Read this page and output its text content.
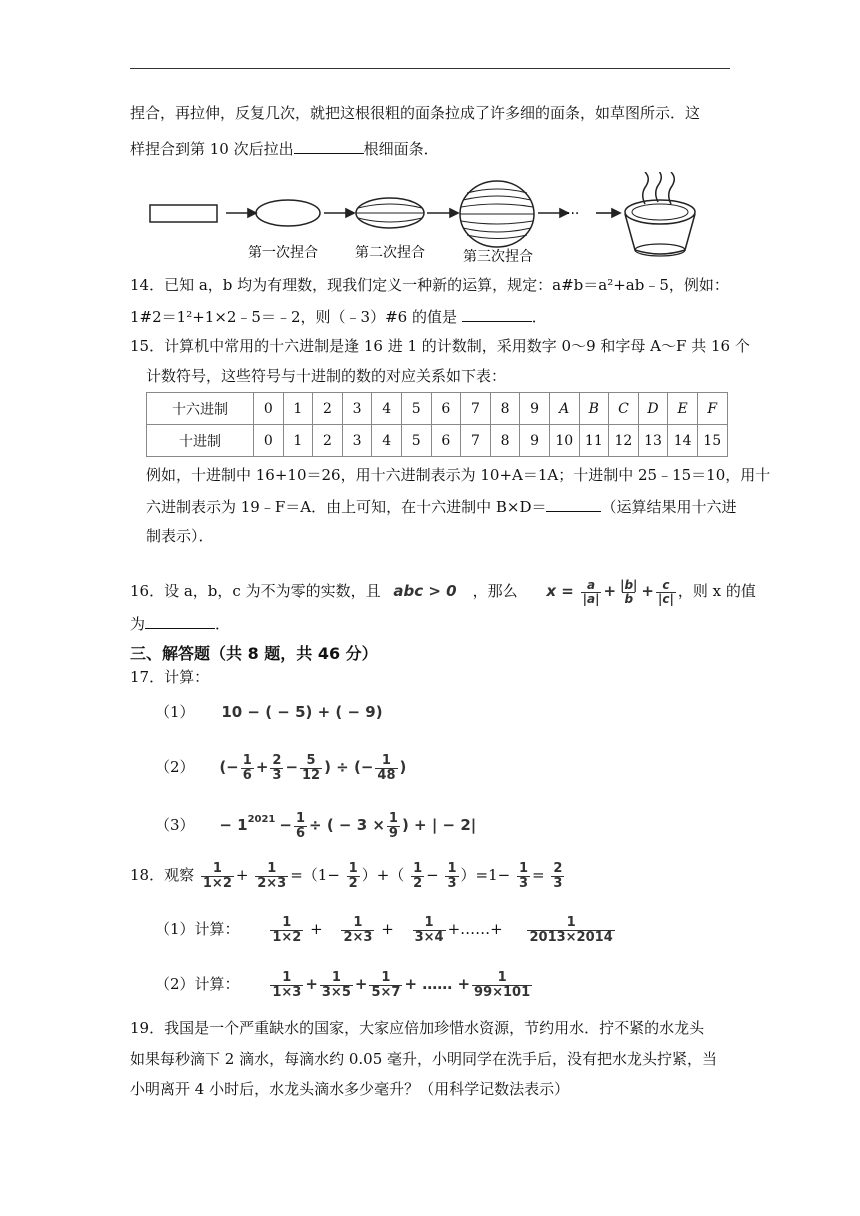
捏合，再拉伸，反复几次，就把这根很粗的面条拉成了许多细的面条，如草图所示．这
样捏合到第 10 次后拉出	根细面条．
···
第一次捏合	第二次捏合	第三次捏合
14．已知 a，b 均为有理数，现我们定义一种新的运算，规定：a#b＝a²+ab﹣5，例如：
1#2＝1²+1×2﹣5＝﹣2，则（﹣3）#6 的值是	．
15．计算机中常用的十六进制是逢 16 进 1 的计数制，采用数字 0～9 和字母 A～F 共 16 个
计数符号，这些符号与十进制的数的对应关系如下表：
十六进制	0	1	2	3	4	5	6	7	8	9	A	B	C	D	E	F
十进制	0	1	2	3	4	5	6	7	8	9	10	11	12	13	14	15
例如，十进制中 16+10＝26，用十六进制表示为 10+A＝1A；十进制中 25﹣15＝10，用十
六进制表示为 19﹣F＝A．由上可知，在十六进制中 B×D＝	（运算结果用十六进
制表示）．
16．设 a，b，c 为不为零的实数，且 abc > 0 ，那么 $x = \frac{a}{|a|} + \frac{|b|}{b} + \frac{c}{|c|}$ ，则 x 的值
为	．
三、解答题（共 8 题，共 46 分）
17．计算：
（1） 10 − ( − 5) + ( − 9)
（2） (− $\frac{1}{6} + \frac{2}{3} - \frac{5}{12}$ ) ÷ (− $\frac{1}{48}$ )
$(3) - 1^{2021} - \frac{1}{6}$ ÷ ( − $3 \times \frac{1}{9}$ ) + | − 2|
18．观察 $\frac{1}{1\times 2} + \frac{1}{2\times 3} =(1- \frac{1}{2}$ ）+（ $\frac{1}{2} - \frac{1}{3} )=1- \frac{1}{3} = \frac{2}{3}$
（1）计算： $\frac{1}{1\times 2} + \frac{1}{2\times 3} + \frac{1}{3\times 4}$ +……+ $\frac{1}{2013\times 2014}$
（2）计算： $\frac{1}{1\times 3} + \frac{1}{3\times 5} + \frac{1}{5\times 7}$ + …… + $\frac{1}{99\times 101}$
19．我国是一个严重缺水的国家，大家应倍加珍惜水资源，节约用水．拧不紧的水龙头
如果每秒滴下 2 滴水，每滴水约 0.05 毫升，小明同学在洗手后，没有把水龙头拧紧，当
小明离开 4 小时后，水龙头滴水多少毫升？（用科学记数法表示）
